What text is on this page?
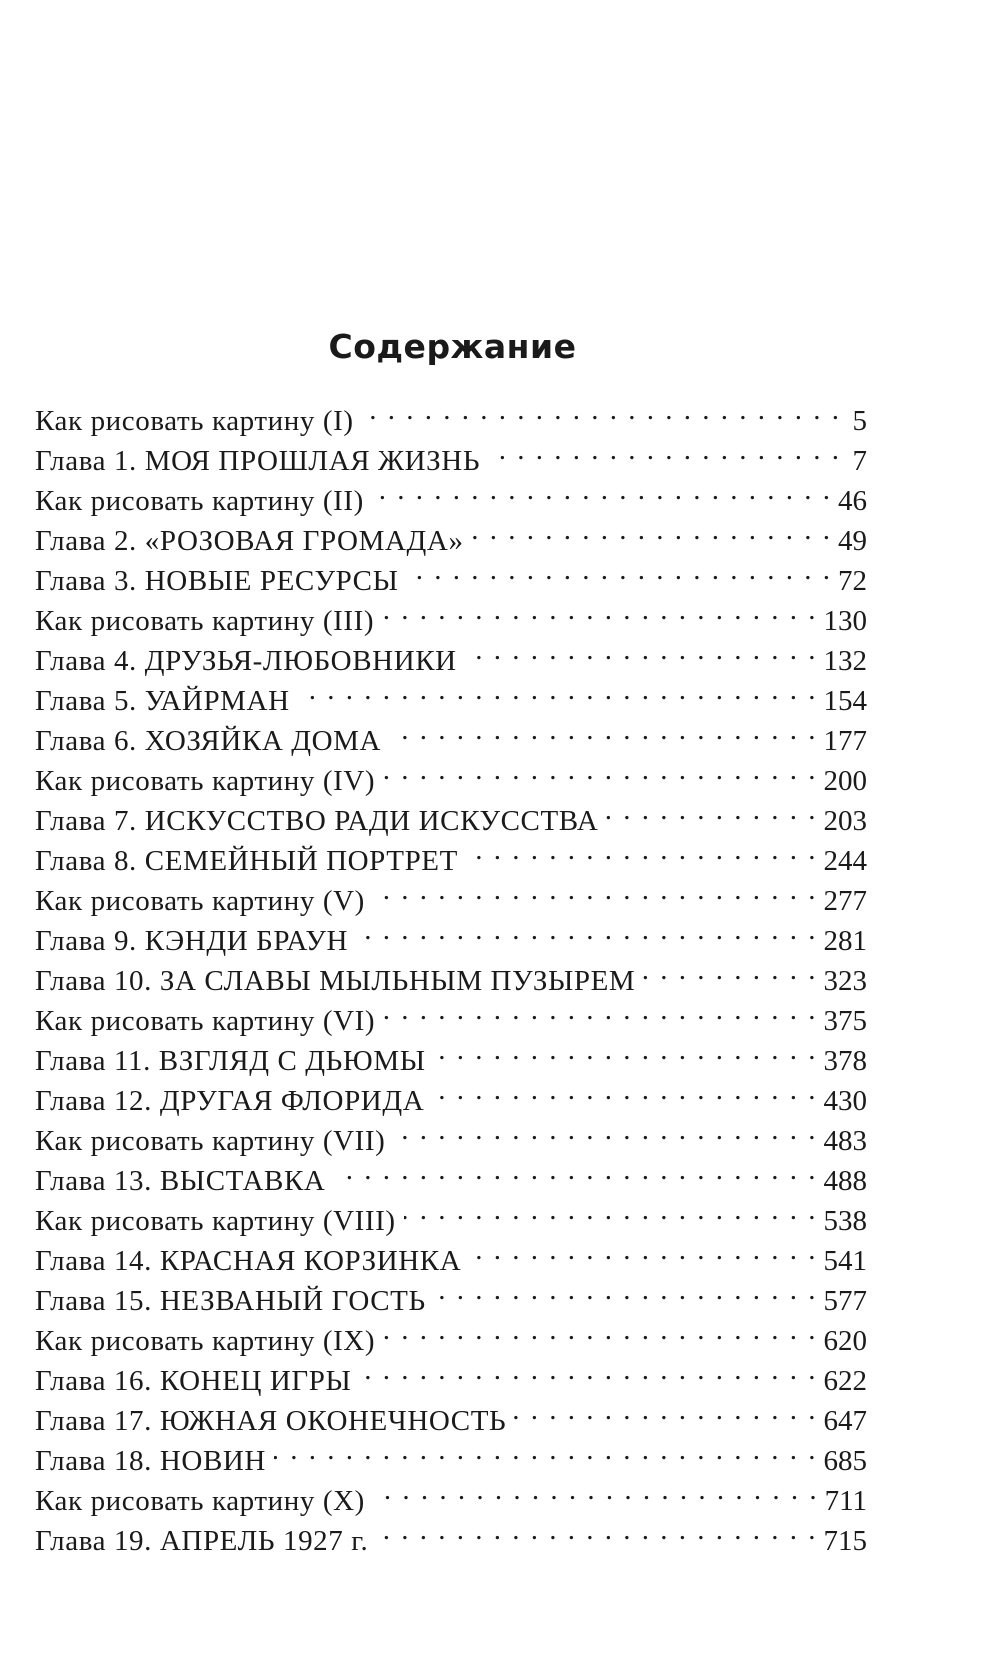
Содержание
Как рисовать картину (I) . . .	5
Глава 1. МОЯ ПРОШЛАЯ ЖИЗНЬ . . .	7
Как рисовать картину (II) . . .	46
Глава 2. «РОЗОВАЯ ГРОМАДА» . . .	49
Глава 3. НОВЫЕ РЕСУРСЫ . . .	72
Как рисовать картину (III) . . .	130
Глава 4. ДРУЗЬЯ-ЛЮБОВНИКИ . . .	132
Глава 5. УАЙРМАН . . .	154
Глава 6. ХОЗЯЙКА ДОМА . . .	177
Как рисовать картину (IV) . . .	200
Глава 7. ИСКУССТВО РАДИ ИСКУССТВА . . .	203
Глава 8. СЕМЕЙНЫЙ ПОРТРЕТ . . .	244
Как рисовать картину (V) . . .	277
Глава 9. КЭНДИ БРАУН . . .	281
Глава 10. ЗА СЛАВЫ МЫЛЬНЫМ ПУЗЫРЕМ . . .	323
Как рисовать картину (VI) . . .	375
Глава 11. ВЗГЛЯД С ДЬЮМЫ . . .	378
Глава 12. ДРУГАЯ ФЛОРИДА . . .	430
Как рисовать картину (VII) . . .	483
Глава 13. ВЫСТАВКА . . .	488
Как рисовать картину (VIII) . . .	538
Глава 14. КРАСНАЯ КОРЗИНКА . . .	541
Глава 15. НЕЗВАНЫЙ ГОСТЬ . . .	577
Как рисовать картину (IX) . . .	620
Глава 16. КОНЕЦ ИГРЫ . . .	622
Глава 17. ЮЖНАЯ ОКОНЕЧНОСТЬ . . .	647
Глава 18. НОВИН . . .	685
Как рисовать картину (X) . . .	711
Глава 19. АПРЕЛЬ 1927 г. . . .	715
